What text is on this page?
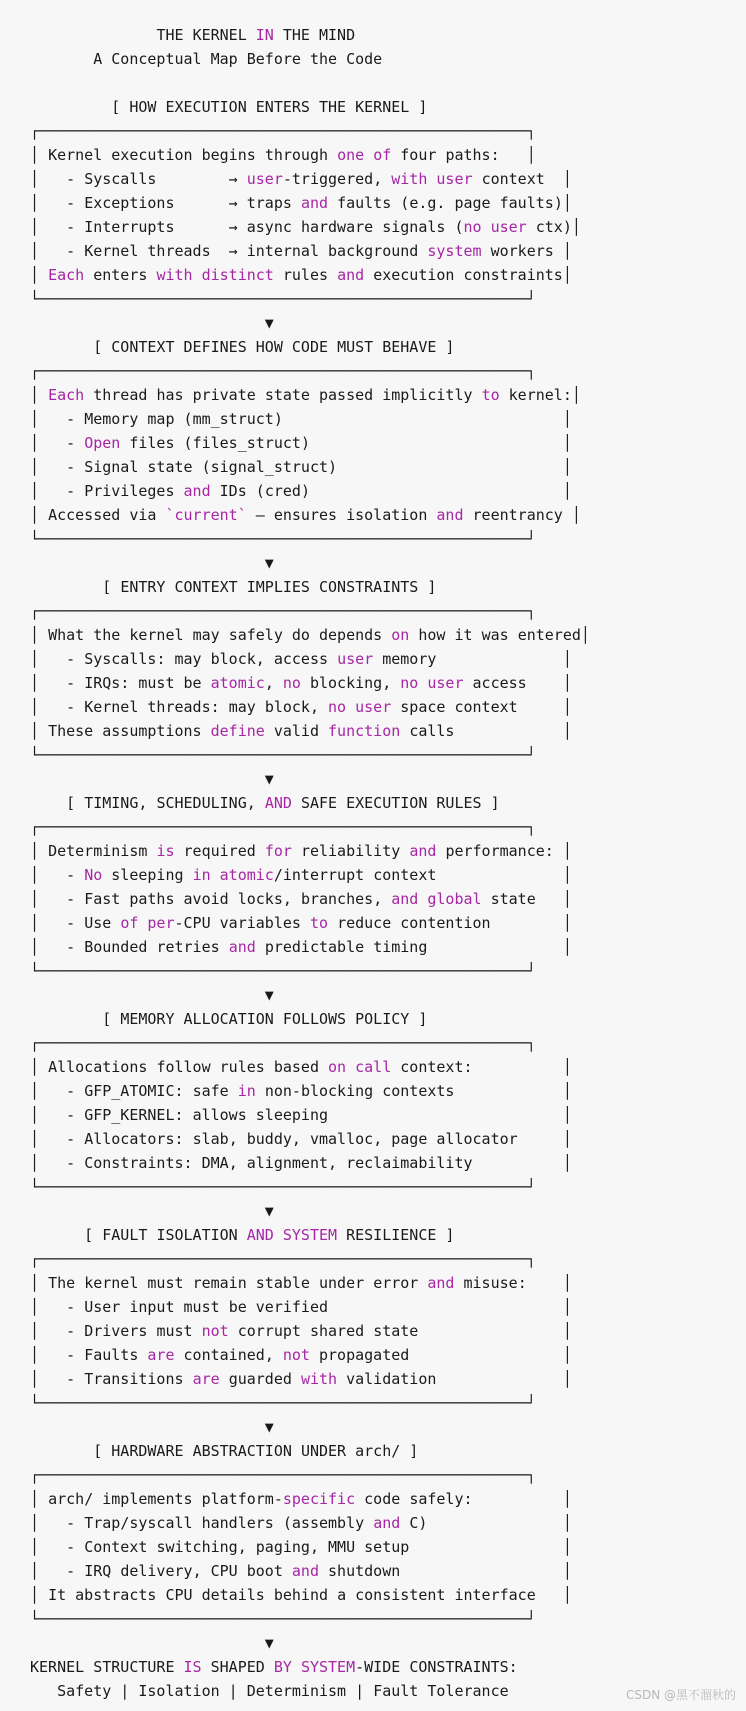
THE KERNEL IN THE MIND
A Conceptual Map Before the Code

[ HOW EXECUTION ENTERS THE KERNEL ]
┌──────────────────────────────────────────────────────┐
│ Kernel execution begins through one of four paths:   │
│   - Syscalls        → user-triggered, with user context  │
│   - Exceptions      → traps and faults (e.g. page faults)│
│   - Interrupts      → async hardware signals (no user ctx)│
│   - Kernel threads  → internal background system workers │
│ Each enters with distinct rules and execution constraints│
└──────────────────────────────────────────────────────┘
▼
[ CONTEXT DEFINES HOW CODE MUST BEHAVE ]
┌──────────────────────────────────────────────────────┐
│ Each thread has private state passed implicitly to kernel:│
│   - Memory map (mm_struct)                               │
│   - Open files (files_struct)                            │
│   - Signal state (signal_struct)                         │
│   - Privileges and IDs (cred)                            │
│ Accessed via `current` — ensures isolation and reentrancy │
└──────────────────────────────────────────────────────┘
▼
[ ENTRY CONTEXT IMPLIES CONSTRAINTS ]
┌──────────────────────────────────────────────────────┐
│ What the kernel may safely do depends on how it was entered│
│   - Syscalls: may block, access user memory              │
│   - IRQs: must be atomic, no blocking, no user access    │
│   - Kernel threads: may block, no user space context     │
│ These assumptions define valid function calls            │
└──────────────────────────────────────────────────────┘
▼
[ TIMING, SCHEDULING, AND SAFE EXECUTION RULES ]
┌──────────────────────────────────────────────────────┐
│ Determinism is required for reliability and performance: │
│   - No sleeping in atomic/interrupt context              │
│   - Fast paths avoid locks, branches, and global state   │
│   - Use of per-CPU variables to reduce contention        │
│   - Bounded retries and predictable timing               │
└──────────────────────────────────────────────────────┘
▼
[ MEMORY ALLOCATION FOLLOWS POLICY ]
┌──────────────────────────────────────────────────────┐
│ Allocations follow rules based on call context:          │
│   - GFP_ATOMIC: safe in non-blocking contexts            │
│   - GFP_KERNEL: allows sleeping                          │
│   - Allocators: slab, buddy, vmalloc, page allocator     │
│   - Constraints: DMA, alignment, reclaimability          │
└──────────────────────────────────────────────────────┘
▼
[ FAULT ISOLATION AND SYSTEM RESILIENCE ]
┌──────────────────────────────────────────────────────┐
│ The kernel must remain stable under error and misuse:    │
│   - User input must be verified                          │
│   - Drivers must not corrupt shared state                │
│   - Faults are contained, not propagated                 │
│   - Transitions are guarded with validation              │
└──────────────────────────────────────────────────────┘
▼
[ HARDWARE ABSTRACTION UNDER arch/ ]
┌──────────────────────────────────────────────────────┐
│ arch/ implements platform-specific code safely:          │
│   - Trap/syscall handlers (assembly and C)               │
│   - Context switching, paging, MMU setup                 │
│   - IRQ delivery, CPU boot and shutdown                  │
│ It abstracts CPU details behind a consistent interface   │
└──────────────────────────────────────────────────────┘
▼
KERNEL STRUCTURE IS SHAPED BY SYSTEM-WIDE CONSTRAINTS:
Safety | Isolation | Determinism | Fault Tolerance	CSDN @黑不溜秋的
